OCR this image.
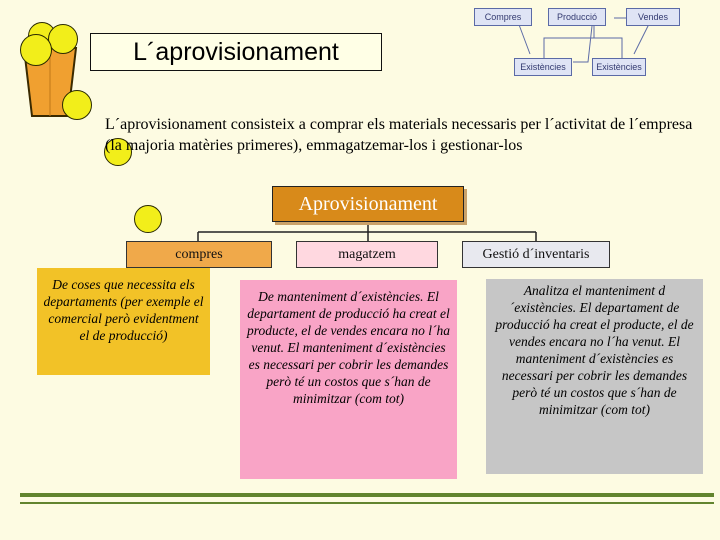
L´aprovisionament
Compres	Producció	Vendes
Existències	Existències
L´aprovisionament consisteix a comprar els materials necessaris per l´activitat de l´empresa (la majoria matèries primeres), emmagatzemar-los i gestionar-los
Aprovisionament
compres	magatzem	Gestió d´inventaris
De coses que necessita els departaments (per exemple el comercial però evidentment el de producció)
De manteniment d´existències. El departament de producció ha creat el producte, el de vendes encara no l´ha venut. El manteniment d´existències es necessari per cobrir les demandes però té un costos que s´han de minimitzar (com tot)
Analitza el manteniment d´existències. El departament de producció ha creat el producte, el de vendes encara no l´ha venut. El manteniment d´existències es necessari per cobrir les demandes però té un costos que s´han de minimitzar (com tot)
